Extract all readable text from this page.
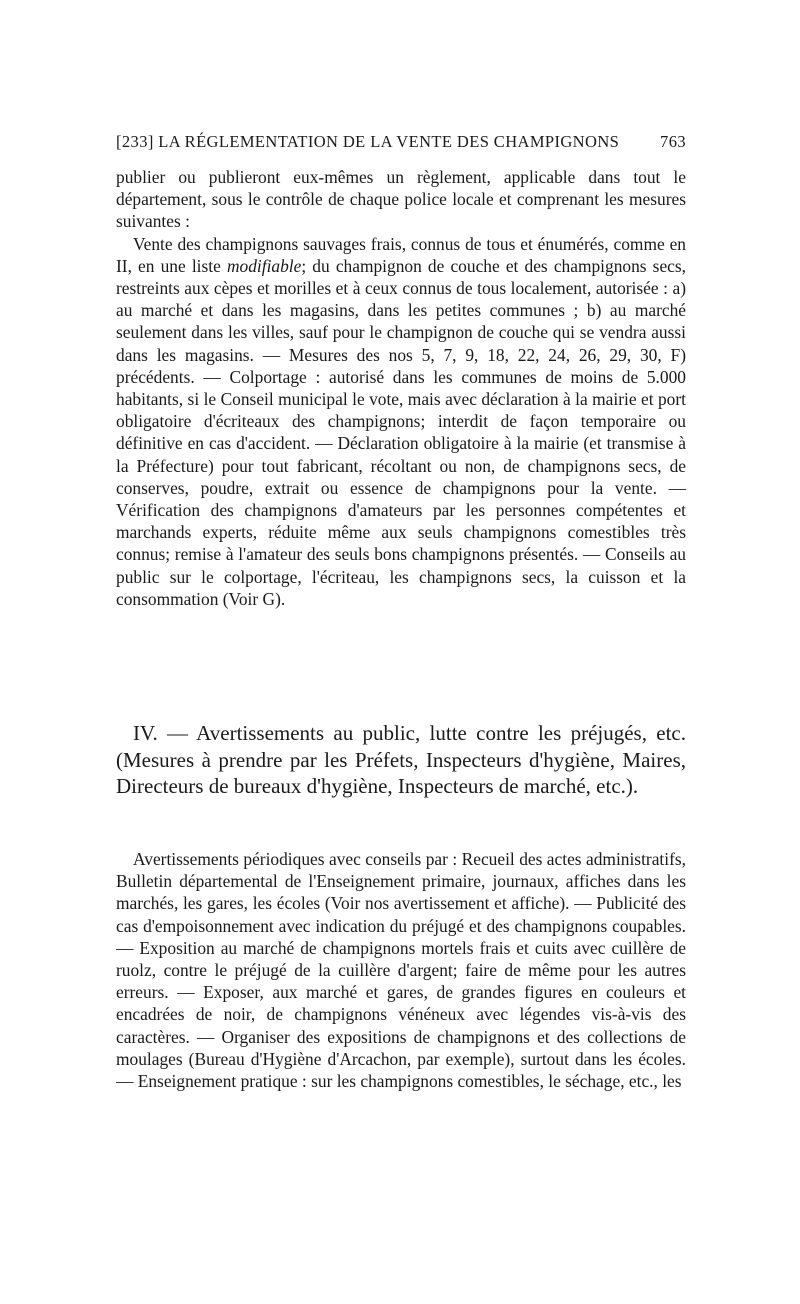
[233] LA RÉGLEMENTATION DE LA VENTE DES CHAMPIGNONS 763

publier ou publieront eux-mêmes un règlement, applicable dans tout le département, sous le contrôle de chaque police locale et comprenant les mesures suivantes :

Vente des champignons sauvages frais, connus de tous et énumérés, comme en II, en une liste modifiable; du champignon de couche et des champignons secs, restreints aux cèpes et morilles et à ceux connus de tous localement, autorisée : a) au marché et dans les magasins, dans les petites communes ; b) au marché seulement dans les villes, sauf pour le champignon de couche qui se vendra aussi dans les magasins. — Mesures des nos 5, 7, 9, 18, 22, 24, 26, 29, 30, F) précédents. — Colportage : autorisé dans les communes de moins de 5.000 habitants, si le Conseil municipal le vote, mais avec déclaration à la mairie et port obligatoire d'écriteaux des champignons; interdit de façon temporaire ou définitive en cas d'accident. — Déclaration obligatoire à la mairie (et transmise à la Préfecture) pour tout fabricant, récoltant ou non, de champignons secs, de conserves, poudre, extrait ou essence de champignons pour la vente. — Vérification des champignons d'amateurs par les personnes compétentes et marchands experts, réduite même aux seuls champignons comestibles très connus; remise à l'amateur des seuls bons champignons présentés. — Conseils au public sur le colportage, l'écriteau, les champignons secs, la cuisson et la consommation (Voir G).

IV. — Avertissements au public, lutte contre les préjugés, etc. (Mesures à prendre par les Préfets, Inspecteurs d'hygiène, Maires, Directeurs de bureaux d'hygiène, Inspecteurs de marché, etc.).

Avertissements périodiques avec conseils par : Recueil des actes administratifs, Bulletin départemental de l'Enseignement primaire, journaux, affiches dans les marchés, les gares, les écoles (Voir nos avertissement et affiche). — Publicité des cas d'empoisonnement avec indication du préjugé et des champignons coupables. — Exposition au marché de champignons mortels frais et cuits avec cuillère de ruolz, contre le préjugé de la cuillère d'argent; faire de même pour les autres erreurs. — Exposer, aux marché et gares, de grandes figures en couleurs et encadrées de noir, de champignons vénéneux avec légendes vis-à-vis des caractères. — Organiser des expositions de champignons et des collections de moulages (Bureau d'Hygiène d'Arcachon, par exemple), surtout dans les écoles. — Enseignement pratique : sur les champignons comestibles, le séchage, etc., les
